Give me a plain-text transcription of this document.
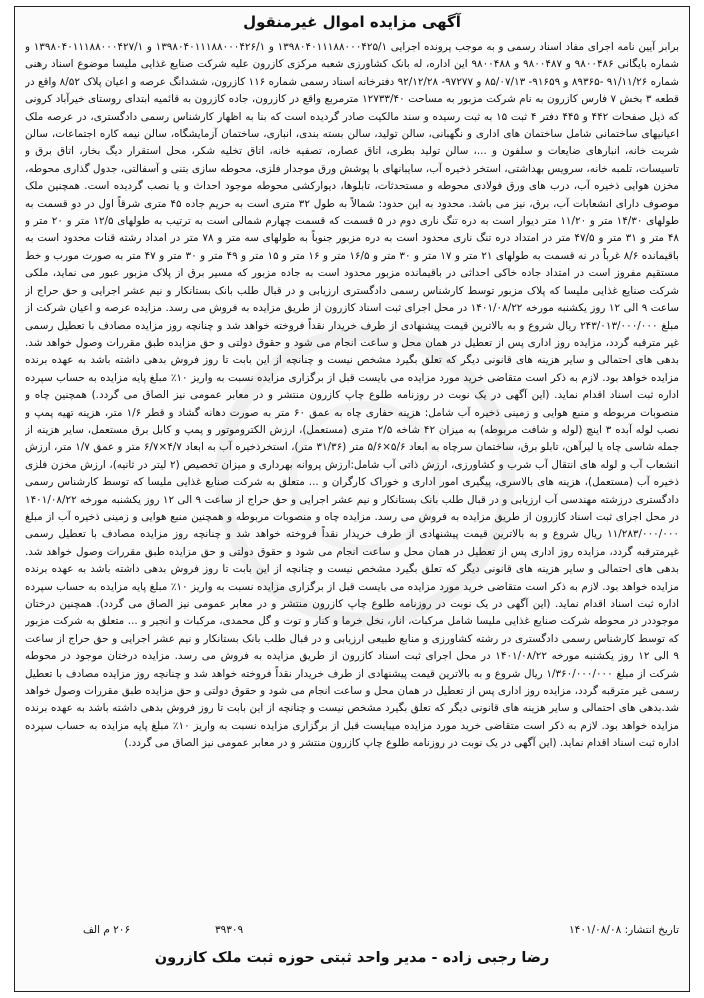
آگهی مزایده اموال غیرمنقول
برابر آیین نامه اجرای مفاد اسناد رسمی و به موجب پرونده اجرایی ۱۳۹۸۰۴۰۱۱۱۸۸۰۰۰۴۲۵/۱ و ۱۳۹۸۰۴۰۱۱۱۸۸۰۰۰۴۲۶/۱ و ۱۳۹۸۰۴۰۱۱۱۸۸۰۰۰۴۲۷/۱ و شماره بایگانی ۹۸۰۰۴۸۶ و ۹۸۰۰۴۸۷ و ۹۸۰۰۴۸۸ این اداره، له بانک کشاورزی شعبه مرکزی کازرون علیه شرکت صنایع غذایی ملیسا موضوع اسناد رهنی شماره ۹۱/۱۱/۲۶ -۸۹۳۶۵ و ۹۱۶۵۹- ۸۵/۰۷/۱۳ و ۹۷۲۷۷- ۹۲/۱۲/۲۸ دفترخانه اسناد رسمی شماره ۱۱۶ کازرون، ششدانگ عرصه و اعیان پلاک ۸/۵۲ واقع در قطعه ۳ بخش ۷ فارس کازرون به نام شرکت مزبور به مساحت ۱۲۷۳۳/۴۰ مترمربع واقع در کازرون، جاده کازرون به قائمیه ابتدای روستای خیرآباد کرونی که ذیل صفحات ۴۴۲ و ۴۴۵ دفتر ۴ ثبت ۱۵ به ثبت رسیده و سند مالکیت صادر گردیده است که بنا به اظهار کارشناس رسمی دادگستری، در عرصه ملک اعیانیهای ساختمانی شامل ساختمان های اداری و نگهبانی، سالن تولید، سالن بسته بندی، انباری، ساختمان آزمایشگاه، سالن نیمه کاره اجتماعات، سالن شربت خانه، انبارهای ضایعات و سلفون و ...، سالن تولید بطری، اتاق عصاره، تصفیه خانه، اتاق تخلیه شکر، محل استقرار دیگ بخار، اتاق برق و تاسیسات، تلمبه خانه، سرویس بهداشتی، استخر ذخیره آب، سایبانهای با پوشش ورق موجدار فلزی، محوطه سازی بتنی و آسفالتی، جدول گذاری محوطه، مخزن هوایی ذخیره آب، درب های ورق فولادی محوطه و مستحدثات، تابلوها، دیوارکشی محوطه موجود احداث و یا نصب گردیده است. همچنین ملک موصوف دارای انشعابات آب، برق، نیز می باشد. محدود به این حدود: شمالاً به طول ۳۲ متری است به حریم جاده ۴۵ متری شرقاً اول در دو قسمت به طولهای ۱۴/۳۰ متر و ۱۱/۲۰ متر دیوار است به دره تنگ ناری دوم در ۵ قسمت که قسمت چهارم شمالی است به ترتیب به طولهای ۱۲/۵ متر و ۲۰ متر و ۴۸ متر و ۳۱ متر و ۴۷/۵ متر در امتداد دره تنگ ناری محدود است به دره مزبور جنوباً به طولهای سه متر و ۷۸ متر در امداد رشته قنات محدود است به باقیمانده ۸/۶ غرباً در نه قسمت به طولهای ۲۱ متر و ۱۷ متر و ۳۰ متر و ۱۶/۵ متر و ۱۶ متر و ۱۵ متر و ۴۹ متر و ۳۰ متر و ۴۷ متر به صورت مورب و خط مستقیم مفروز است در امتداد جاده خاکی احداثی در باقیمانده مزبور محدود است به جاده مزبور که مسیر برق از پلاک مزبور عبور می نماید، ملکی شرکت صنایع غذایی ملیسا که پلاک مزبور توسط کارشناس رسمی دادگستری ارزیابی و در قبال طلب بانک بستانکار و نیم عشر اجرایی و حق حراج از ساعت ۹ الی ۱۲ روز یکشنبه مورخه ۱۴۰۱/۰۸/۲۲ در محل اجرای ثبت اسناد کازرون از طریق مزایده به فروش می رسد. مزایده عرصه و اعیان شرکت از مبلغ ۲۴۳/۰۱۳/۰۰۰/۰۰۰ ریال شروع و به بالاترین قیمت پیشنهادی از طرف خریدار نقداً فروخته خواهد شد و چنانچه روز مزایده مصادف با تعطیل رسمی غیر مترقبه گردد، مزایده روز اداری پس از تعطیل در همان محل و ساعت انجام می شود و حقوق دولتی و حق مزایده طبق مقررات وصول خواهد شد. بدهی های احتمالی و سایر هزینه های قانونی دیگر که تعلق بگیرد مشخص نیست و چنانچه از این بابت تا روز فروش بدهی داشته باشد به عهده برنده مزایده خواهد بود. لازم به ذکر است متقاضی خرید مورد مزایده می بایست قبل از برگزاری مزایده نسبت به واریز ۱۰٪ مبلغ پایه مزایده به حساب سپرده اداره ثبت اسناد اقدام نماید. (این آگهی در یک نوبت در روزنامه طلوع چاپ کازرون منتشر و در معابر عمومی نیز الصاق می گردد.) همچنین چاه و منصوبات مربوطه و منبع هوایی و زمینی ذخیره آب شامل: هزینه حفاری چاه به عمق ۶۰ متر به صورت دهانه گشاد و قطر ۱/۶ متر، هزینه تهیه پمپ و نصب لوله آبده ۳ اینچ (لوله و شافت مربوطه) به میزان ۴۲ شاخه ۲/۵ متری (مستعمل)، ارزش الکتروموتور و پمپ و کابل برق مستعمل، سایر هزینه از جمله شاسی چاه یا لیرآهن، تابلو برق، ساختمان سرچاه به ابعاد ۵/۶×۵/۶ متر (۳۱/۳۶ متر)، استخرذخیره آب به ابعاد ۴/۷×۶/۷ متر و عمق ۱/۷ متر، ارزش انشعاب آب و لوله های انتقال آب شرب و کشاورزی، ارزش ذاتی آب شامل:ارزش پروانه بهرداری و میزان تخصیص (۲ لیتر در ثانیه)، ارزش مخزن فلزی ذخیره آب (مستعمل)، هزینه های بالاسری، پیگیری امور اداری و خوراک کارگران و ... متعلق به شرکت صنایع غذایی ملیسا که توسط کارشناس رسمی دادگستری درزشته مهندسی آب ارزیابی و در قبال طلب بانک بستانکار و نیم عشر اجرایی و حق حراج از ساعت ۹ الی ۱۲ روز یکشنبه مورخه ۱۴۰۱/۰۸/۲۲ در محل اجرای ثبت اسناد کازرون از طریق مزایده به فروش می رسد. مزایده چاه و منصوبات مربوطه و همچنین منبع هوایی و زمینی ذخیره آب از مبلغ ۱۱/۲۸۳/۰۰۰/۰۰۰ ریال شروع و به بالاترین قیمت پیشنهادی از طرف خریدار نقداً فروخته خواهد شد و چنانچه روز مزایده مصادف با تعطیل رسمی غیرمترقبه گردد، مزایده روز اداری پس از تعطیل در همان محل و ساعت انجام می شود و حقوق دولتی و حق مزایده طبق مقررات وصول خواهد شد. بدهی های احتمالی و سایر هزینه های قانونی دیگر که تعلق بگیرد مشخص نیست و چنانچه از این بابت تا روز فروش بدهی داشته باشد به عهده برنده مزایده خواهد بود. لازم به ذکر است متقاضی خرید مورد مزایده می بایست قبل از برگزاری مزایده نسبت به واریز ۱۰٪ مبلغ پایه مزایده به حساب سپرده اداره ثبت اسناد اقدام نماید. (این آگهی در یک نوبت در روزنامه طلوع چاپ کازرون منتشر و در معابر عمومی نیز الصاق می گردد). همچنین درختان موجوددر در محوطه شرکت صنایع غذایی ملیسا شامل مرکبات، انار، نخل خرما و کنار و توت و گل محمدی، مرکبات و انجیر و ... متعلق به شرکت مزبور که توسط کارشناس رسمی دادگستری در رشته کشاورزی و منابع طبیعی ارزیابی و در قبال طلب بانک بستانکار و نیم عشر اجرایی و حق حراج از ساعت ۹ الی ۱۲ روز یکشنبه مورخه ۱۴۰۱/۰۸/۲۲ در محل اجرای ثبت اسناد کازرون از طریق مزایده به فروش می رسد. مزایده درختان موجود در محوطه شرکت از مبلغ ۱/۳۶۰/۰۰۰/۰۰۰ ریال شروع و به بالاترین قیمت پیشنهادی از طرف خریدار نقداً فروخته خواهد شد و چنانچه روز مزایده مصادف با تعطیل رسمی غیر مترقبه گردد، مزایده روز اداری پس از تعطیل در همان محل و ساعت انجام می شود و حقوق دولتی و حق مزایده طبق مقررات وصول خواهد شد.بدهی های احتمالی و سایر هزینه های قانونی دیگر که تعلق بگیرد مشخص نیست و چنانچه از این بابت تا روز فروش بدهی داشته باشد به عهده برنده مزایده خواهد بود. لازم به ذکر است متقاضی خرید مورد مزایده میبایست قبل از برگزاری مزایده نسبت به واریز ۱۰٪ مبلغ پایه مزایده به حساب سپرده اداره ثبت اسناد اقدام نماید. (این آگهی در یک نوبت در روزنامه طلوع چاپ کازرون منتشر و در معابر عمومی نیز الصاق می گردد.)
تاریخ انتشار: ۱۴۰۱/۰۸/۰۸
۳۹۳۰۹
۲۰۶ م الف
رضا رجبی زاده - مدیر واحد ثبتی حوزه ثبت ملک کازرون
